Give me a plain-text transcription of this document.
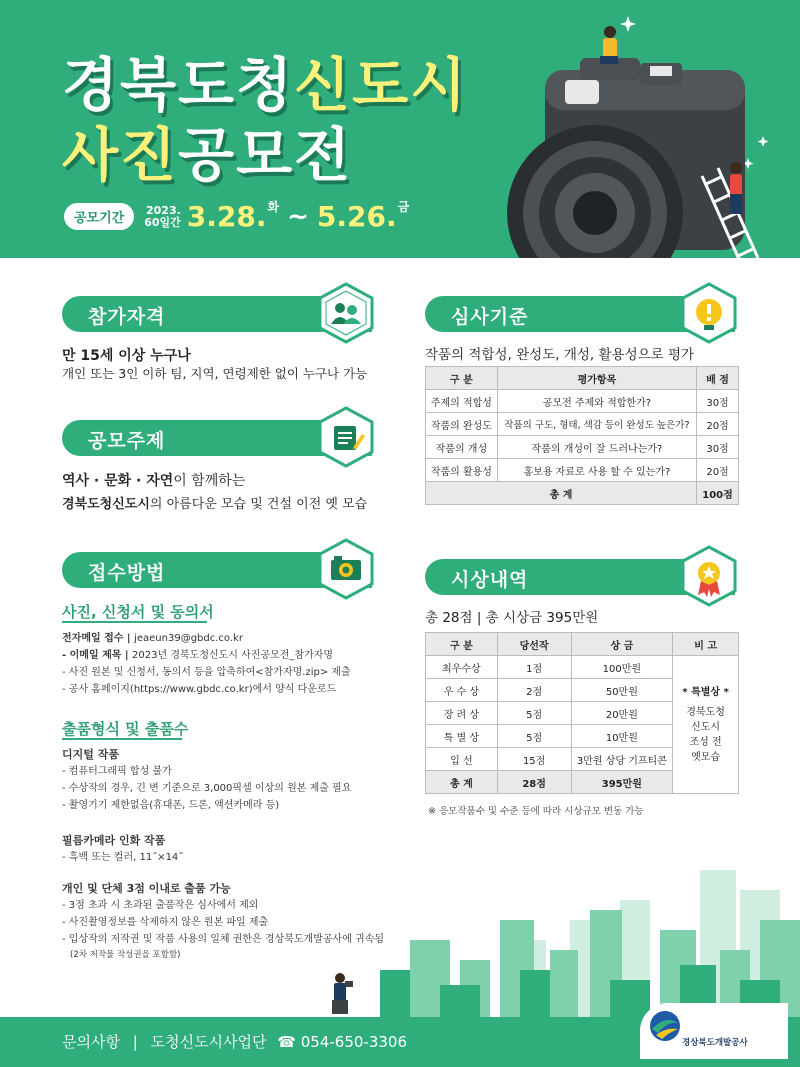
경북도청신도시
사진공모전
공모기간
2023.
60일간 3.28. 화 ~ 5.26. 금
참가자격
만 15세 이상 누구나
개인 또는 3인 이하 팀, 지역, 연령제한 없이 누구나 가능
공모주제
역사 · 문화 · 자연이 함께하는
경북도청신도시의 아름다운 모습 및 건설 이전 옛 모습
심사기준
작품의 적합성, 완성도, 개성, 활용성으로 평가
구 분	평가항목	배 점
주제의 적합성	공모전 주제와 적합한가?	30점
작품의 완성도	작품의 구도, 형태, 색감 등이 완성도 높은가?	20점
작품의 개성	작품의 개성이 잘 드러나는가?	30점
작품의 활용성	홍보용 자료로 사용 할 수 있는가?	20점
총 계		100점
접수방법
사진, 신청서 및 동의서
전자메일 접수 | jeaeun39@gbdc.co.kr
- 이메일 제목 | 2023년 경북도청신도시 사진공모전_참가자명
- 사진 원본 및 신청서, 동의서 등을 압축하여<참가자명.zip> 제출
- 공사 홈페이지(https://www.gbdc.co.kr)에서 양식 다운로드
출품형식 및 출품수
디지털 작품
- 컴퓨터그래픽 합성 불가
- 수상작의 경우, 긴 변 기준으로 3,000픽셀 이상의 원본 제출 필요
- 촬영기기 제한없음(휴대폰, 드론, 액션카메라 등)
필름카메라 인화 작품
- 흑백 또는 컬러, 11˝×14˝
개인 및 단체 3점 이내로 출품 가능
- 3점 초과 시 초과된 출품작은 심사에서 제외
- 사진촬영정보를 삭제하지 않은 원본 파일 제출
- 입상작의 저작권 및 작품 사용의 일체 권한은 경상북도개발공사에 귀속됨
(2차 저작물 작성권을 포함함)
시상내역
총 28점 | 총 시상금 395만원
구 분	당선작	상 금	비 고
최우수상	1점	100만원	* 특별상 *
경북도청
신도시
조성 전
옛모습

우 수 상	2점	50만원	
장 려 상	5점	20만원	
특 별 상	5점	10만원	
입 선	15점	3만원 상당 기프티콘	
총 계	28점	395만원	
※ 응모작품수 및 수준 등에 따라 시상규모 변동 가능
문의사항 | 도청신도시사업단 ☎ 054-650-3306	경상북도개발공사
